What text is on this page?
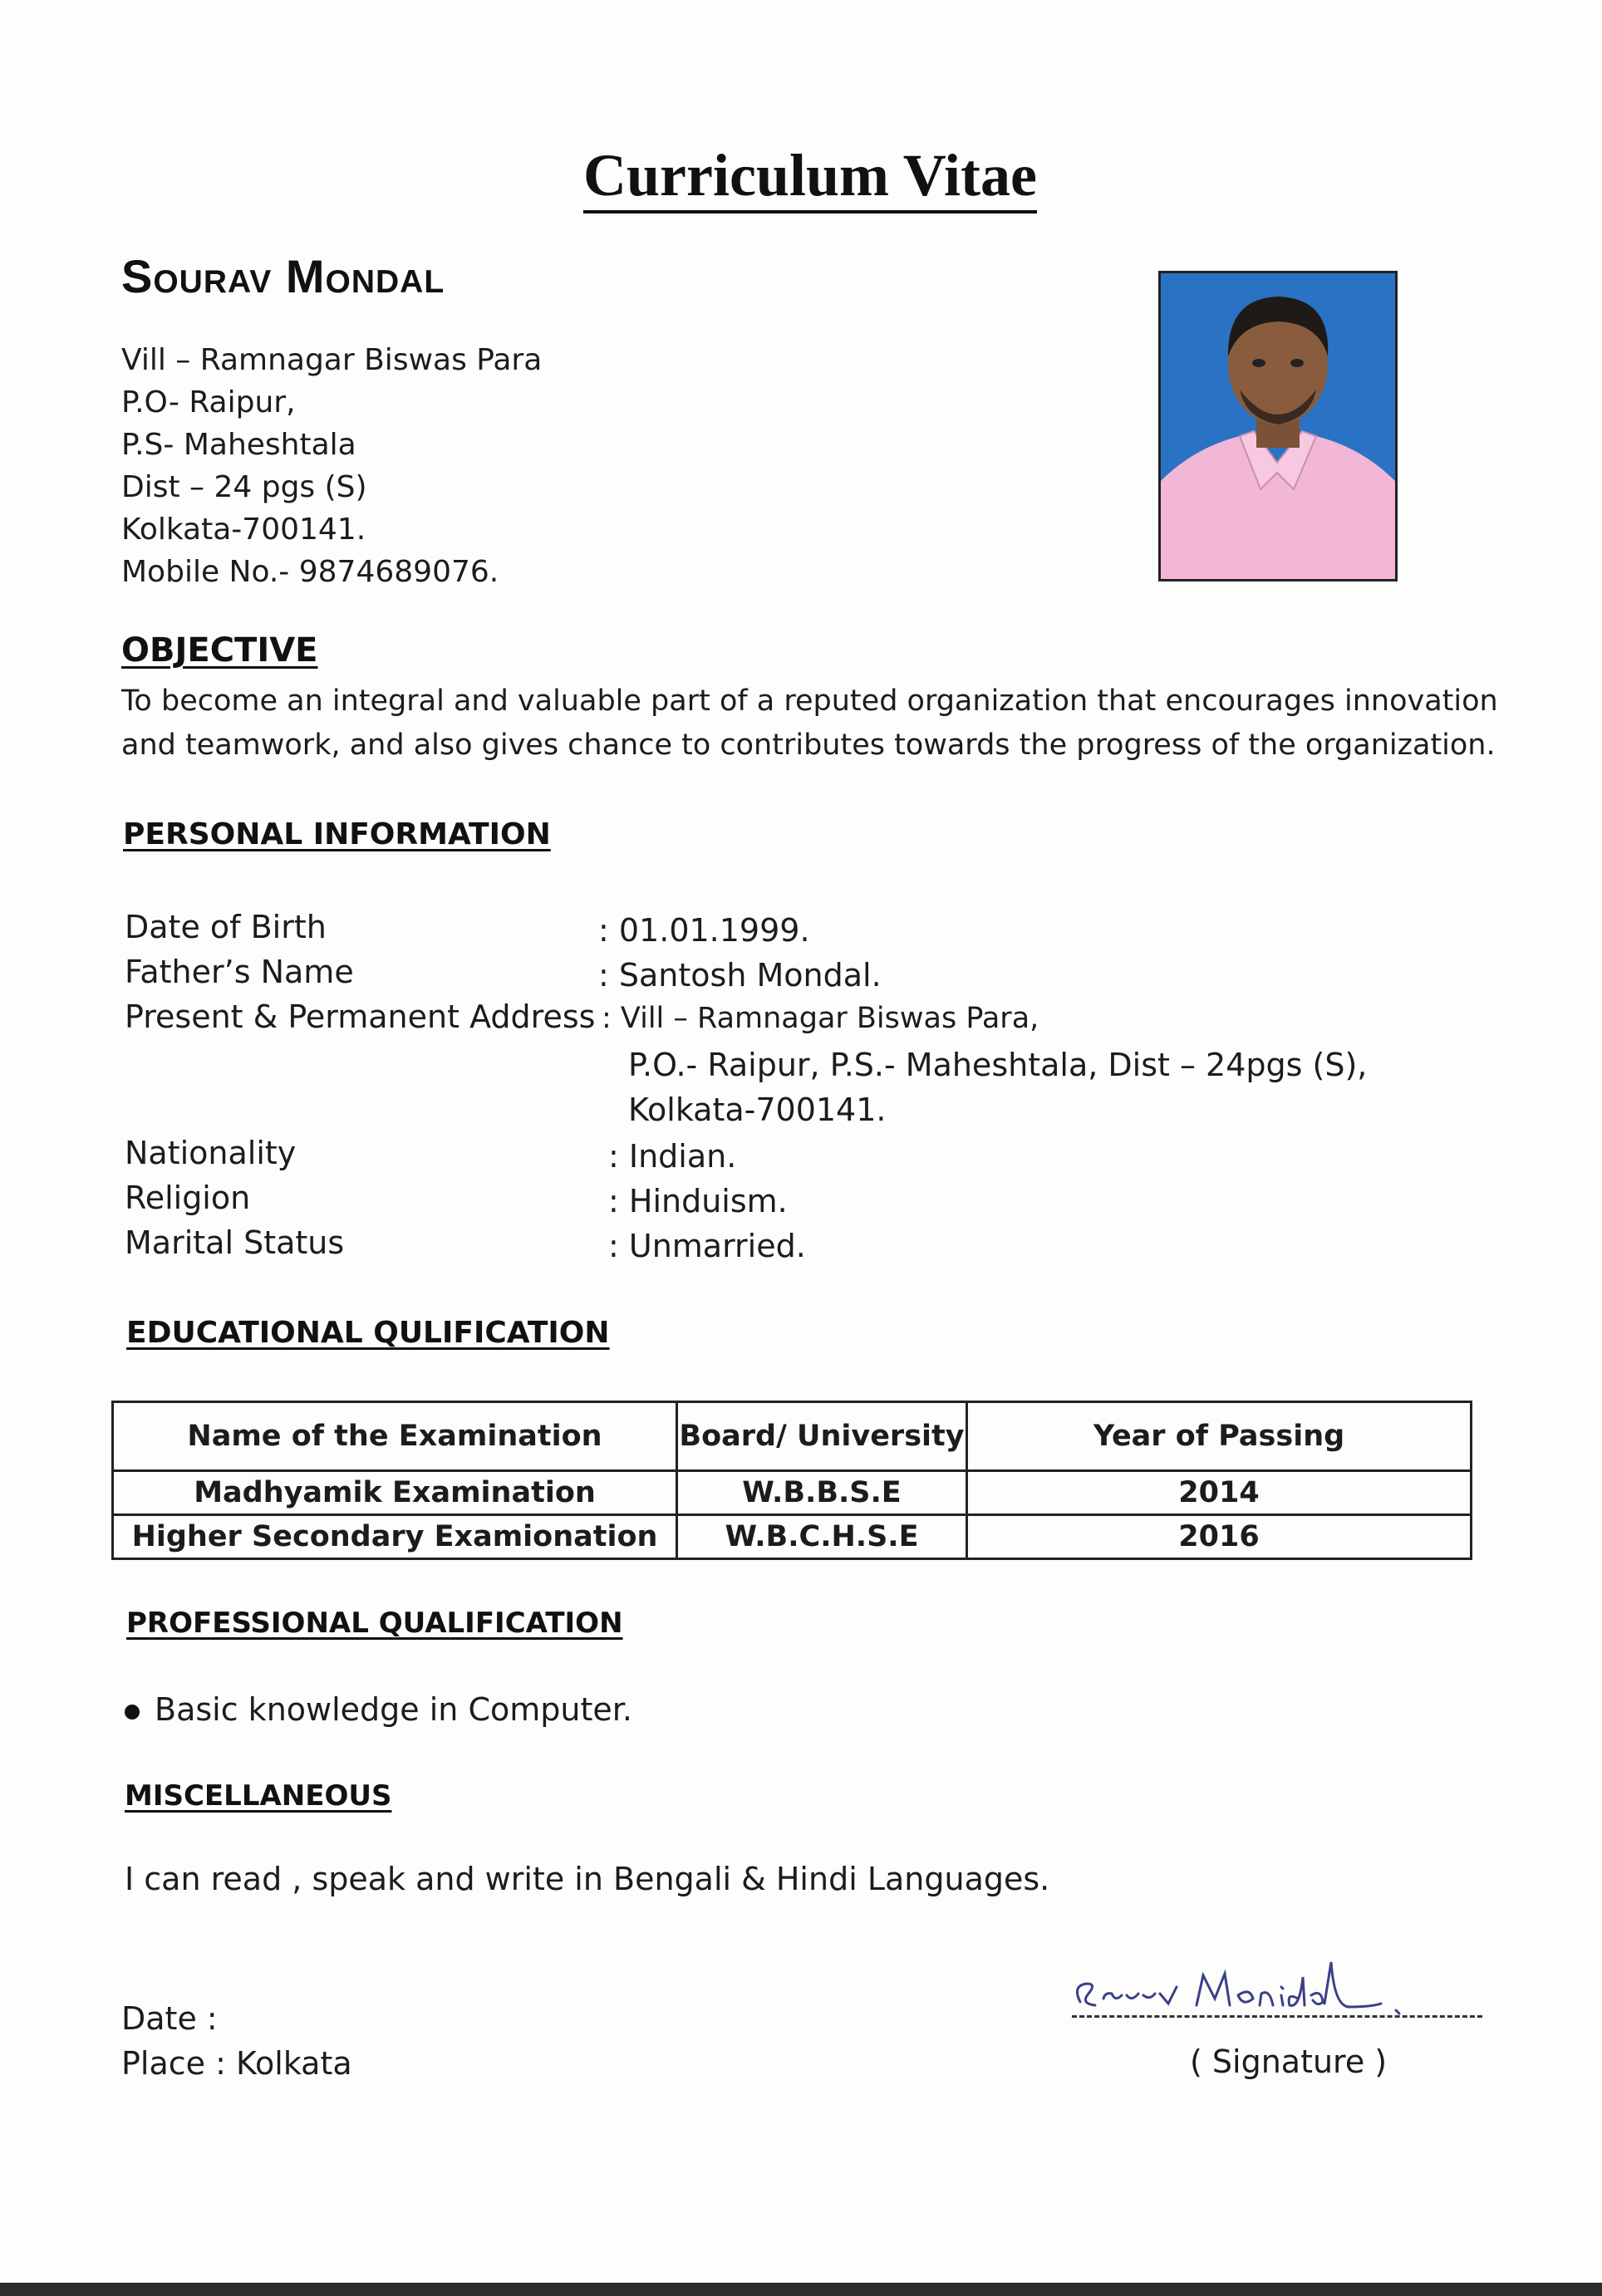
Curriculum Vitae
Sourav Mondal
Vill – Ramnagar Biswas Para
P.O- Raipur,
P.S- Maheshtala
Dist – 24 pgs (S)
Kolkata-700141.
Mobile No.- 9874689076.
OBJECTIVE
To become an integral and valuable part of a reputed organization that encourages innovation and teamwork, and also gives chance to contributes towards the progress of the organization.
PERSONAL INFORMATION
Date of Birth	: 01.01.1999.
Father’s Name	: Santosh Mondal.
Present & Permanent Address : Vill – Ramnagar Biswas Para,
P.O.- Raipur, P.S.- Maheshtala, Dist – 24pgs (S),
Kolkata-700141.
Nationality	: Indian.
Religion	: Hinduism.
Marital Status	: Unmarried.
EDUCATIONAL QULIFICATION
Name of the Examination	Board/ University	Year of Passing
Madhyamik Examination	W.B.B.S.E	2014
Higher Secondary Examionation	W.B.C.H.S.E	2016
PROFESSIONAL QUALIFICATION
Basic knowledge in Computer.
MISCELLANEOUS
I can read , speak and write in Bengali & Hindi Languages.
Date :
Place : Kolkata	( Signature )
